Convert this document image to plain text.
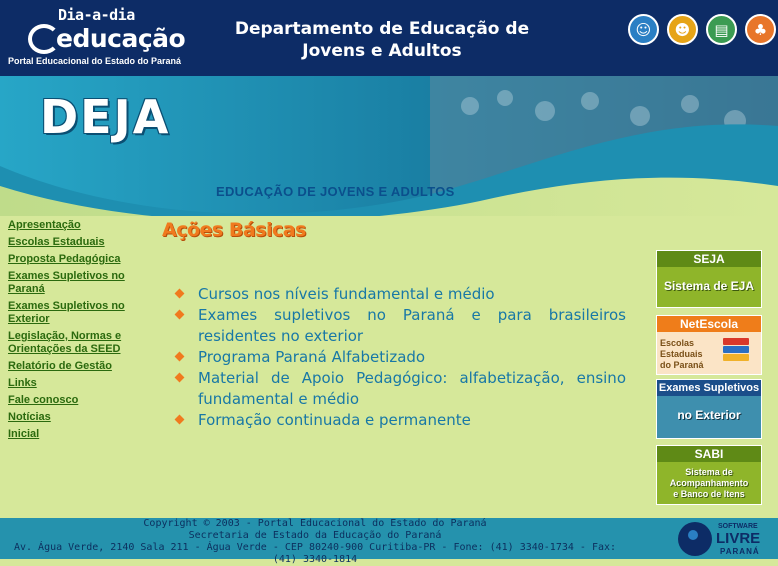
Dia-a-dia
educação
Portal Educacional do Estado do Paraná
Departamento de Educação de
Jovens e Adultos
☺	☻	▤	♣
DEJA
EDUCAÇÃO DE JOVENS E ADULTOS
Apresentação
Escolas Estaduais
Proposta Pedagógica
Exames Supletivos no Paraná
Exames Supletivos no Exterior
Legislação, Normas e Orientações da SEED
Relatório de Gestão
Links
Fale conosco
Notícias
Inicial
Ações Básicas
Cursos nos níveis fundamental e médio
Exames supletivos no Paraná e para brasileiros residentes no exterior
Programa Paraná Alfabetizado
Material de Apoio Pedagógico: alfabetização, ensino fundamental e médio
Formação continuada e permanente
SEJA
Sistema de EJA
NetEscola
Escolas
Estaduais
do Paraná
Exames Supletivos
no Exterior
SABI
Sistema de
Acompanhamento
e Banco de Itens
Copyright © 2003 - Portal Educacional do Estado do Paraná
Secretaria de Estado da Educação do Paraná
Av. Água Verde, 2140 Sala 211 - Água Verde - CEP 80240-900 Curitiba-PR - Fone: (41) 3340-1734 - Fax:
(41) 3340-1814
SOFTWARE
LIVRE
PARANÁ
